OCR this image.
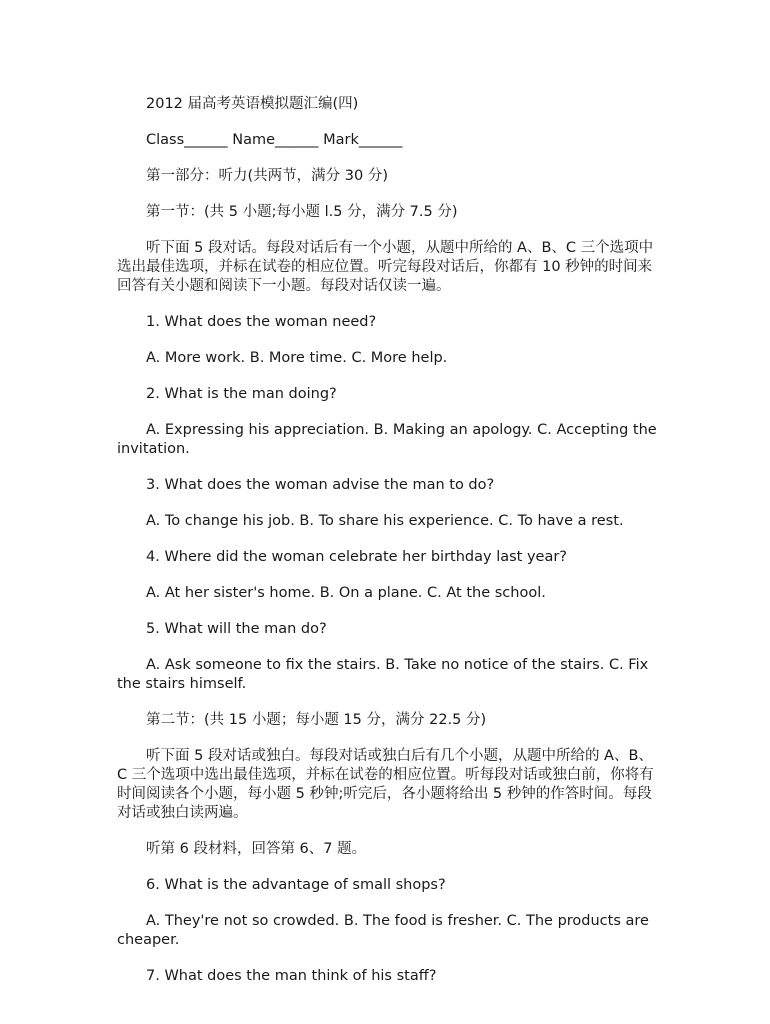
　　2012 届高考英语模拟题汇编(四)

　　Class______ Name______ Mark______

　　第一部分：听力(共两节，满分 30 分)

　　第一节：(共 5 小题;每小题 l.5 分，满分 7.5 分)

　　听下面 5 段对话。每段对话后有一个小题，从题中所给的 A、B、C 三个选项中选出最佳选项，并标在试卷的相应位置。听完每段对话后，你都有 10 秒钟的时间来回答有关小题和阅读下一小题。每段对话仅读一遍。

　　1. What does the woman need?

　　A. More work. B. More time. C. More help.

　　2. What is the man doing?

　　A. Expressing his appreciation. B. Making an apology. C. Accepting the invitation.

　　3. What does the woman advise the man to do?

　　A. To change his job. B. To share his experience. C. To have a rest.

　　4. Where did the woman celebrate her birthday last year?

　　A. At her sister's home. B. On a plane. C. At the school.

　　5. What will the man do?

　　A. Ask someone to fix the stairs. B. Take no notice of the stairs. C. Fix the stairs himself.

　　第二节：(共 15 小题；每小题 15 分，满分 22.5 分)

　　听下面 5 段对话或独白。每段对话或独白后有几个小题，从题中所给的 A、B、C 三个选项中选出最佳选项，并标在试卷的相应位置。听每段对话或独白前，你将有时间阅读各个小题，每小题 5 秒钟;听完后，各小题将给出 5 秒钟的作答时间。每段对话或独白读两遍。

　　听第 6 段材料，回答第 6、7 题。

　　6. What is the advantage of small shops?

　　A. They're not so crowded. B. The food is fresher. C. The products are cheaper.

　　7. What does the man think of his staff?
